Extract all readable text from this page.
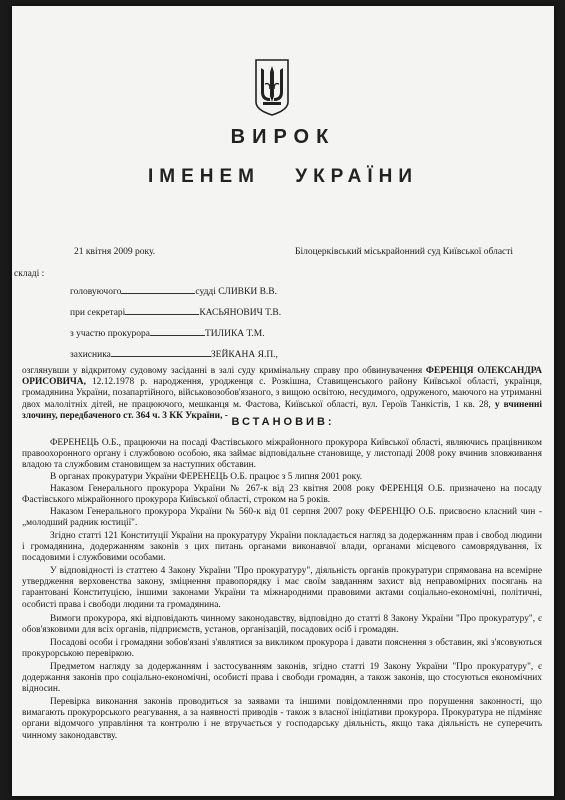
ВИРОК
ІМЕНЕМ УКРАЇНИ
21 квітня 2009 року.	Білоцерківський міськрайонний суд Київської області
складі :
головуючого	судді СЛИВКИ В.В.
при секретарі	КАСЬЯНОВИЧ Т.В.
з участю прокурора	ТИЛИКА Т.М.
захисника	ЗЕЙКАНА Я.П.,

озглянувши у відкритому судовому засіданні в залі суду кримінальну справу про обвинувачення ФЕРЕНЦЯ ОЛЕКСАНДРА ОРИСОВИЧА, 12.12.1978 р. народження, уродженця с. Розкішна, Ставищенського району Київської області, українця, громадянина України, позапартійного, військовозобов'язаного, з вищою освітою, несудимого, одруженого, маючого на утриманні двох малолітніх дітей, не працюючого, мешканця м. Фастова, Київської області, вул. Героїв Танкістів, 1 кв. 28, у вчиненні злочину, передбаченого ст. 364 ч. 3 КК України, -

ВСТАНОВИВ:

ФЕРЕНЕЦЬ О.Б., працюючи на посаді Фастівського міжрайонного прокурора Київської області, являючись працівником правоохоронного органу і службовою особою, яка займає відповідальне становище, у листопаді 2008 року вчинив зловживання владою та службовим становищем за наступних обставин.

В органах прокуратури України ФЕРЕНЕЦЬ О.Б. працює з 5 липня 2001 року.

Наказом Генерального прокурора України № 267-к від 23 квітня 2008 року ФЕРЕНЦЯ О.Б. призначено на посаду Фастівського міжрайонного прокурора Київської області, строком на 5 років.

Наказом Генерального прокурора України № 560-к від 01 серпня 2007 року ФЕРЕНЦЮ О.Б. присвоєно класний чин - „молодший радник юстиції".

Згідно статті 121 Конституції України на прокуратуру України покладається нагляд за додержанням прав і свобод людини і громадянина, додержанням законів з цих питань органами виконавчої влади, органами місцевого самоврядування, їх посадовими і службовими особами.

У відповідності із статтею 4 Закону України "Про прокуратуру", діяльність органів прокуратури спрямована на всемірне утвердження верховенства закону, зміцнення правопорядку і має своїм завданням захист від неправомірних посягань на гарантовані Конституцією, іншими законами України та міжнародними правовими актами соціально-економічні, політичні, особисті права і свободи людини та громадянина.

Вимоги прокурора, які відповідають чинному законодавству, відповідно до статті 8 Закону України "Про прокуратуру", є обов'язковими для всіх органів, підприємств, установ, організацій, посадових осіб і громадян.

Посадові особи і громадяни зобов'язані з'являтися за викликом прокурора і давати пояснення з обставин, які з'ясовуються прокурорською перевіркою.

Предметом нагляду за додержанням і застосуванням законів, згідно статті 19 Закону України "Про прокуратуру", є додержання законів про соціально-економічні, особисті права і свободи громадян, а також законів, що стосуються економічних відносин.

Перевірка виконання законів проводиться за заявами та іншими повідомленнями про порушення законності, що вимагають прокурорського реагування, а за наявності приводів - також з власної ініціативи прокурора. Прокуратура не підміняє органи відомчого управління та контролю і не втручається у господарську діяльність, якщо така діяльність не суперечить чинному законодавству.
